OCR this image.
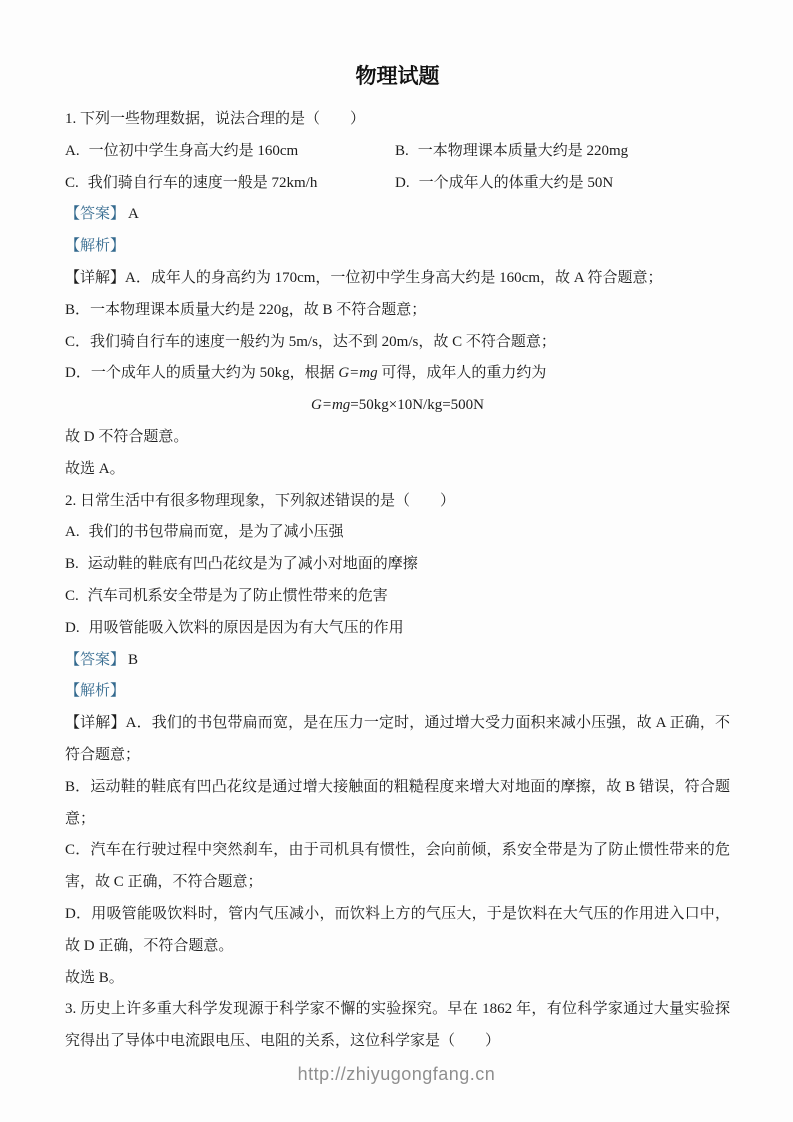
物理试题

1. 下列一些物理数据，说法合理的是（　　）

A. 一位初中学生身高大约是 160cm	B. 一本物理课本质量大约是 220mg

C. 我们骑自行车的速度一般是 72km/h	D. 一个成年人的体重大约是 50N

【答案】 A

【解析】

【详解】A．成年人的身高约为 170cm，一位初中学生身高大约是 160cm，故 A 符合题意；

B．一本物理课本质量大约是 220g，故 B 不符合题意；

C．我们骑自行车的速度一般约为 5m/s，达不到 20m/s，故 C 不符合题意；

D．一个成年人的质量大约为 50kg，根据 G=mg 可得，成年人的重力约为

G=mg=50kg×10N/kg=500N

故 D 不符合题意。

故选 A。

2. 日常生活中有很多物理现象，下列叙述错误的是（　　）

A. 我们的书包带扁而宽，是为了减小压强

B. 运动鞋的鞋底有凹凸花纹是为了减小对地面的摩擦

C. 汽车司机系安全带是为了防止惯性带来的危害

D. 用吸管能吸入饮料的原因是因为有大气压的作用

【答案】 B

【解析】

【详解】A．我们的书包带扁而宽，是在压力一定时，通过增大受力面积来减小压强，故 A 正确，不符合题意；

B．运动鞋的鞋底有凹凸花纹是通过增大接触面的粗糙程度来增大对地面的摩擦，故 B 错误，符合题意；

C．汽车在行驶过程中突然刹车，由于司机具有惯性，会向前倾，系安全带是为了防止惯性带来的危害，故 C 正确，不符合题意；

D．用吸管能吸饮料时，管内气压减小，而饮料上方的气压大，于是饮料在大气压的作用进入口中，故 D 正确，不符合题意。

故选 B。

3. 历史上许多重大科学发现源于科学家不懈的实验探究。早在 1862 年，有位科学家通过大量实验探究得出了导体中电流跟电压、电阻的关系，这位科学家是（　　）

http://zhiyugongfang.cn
